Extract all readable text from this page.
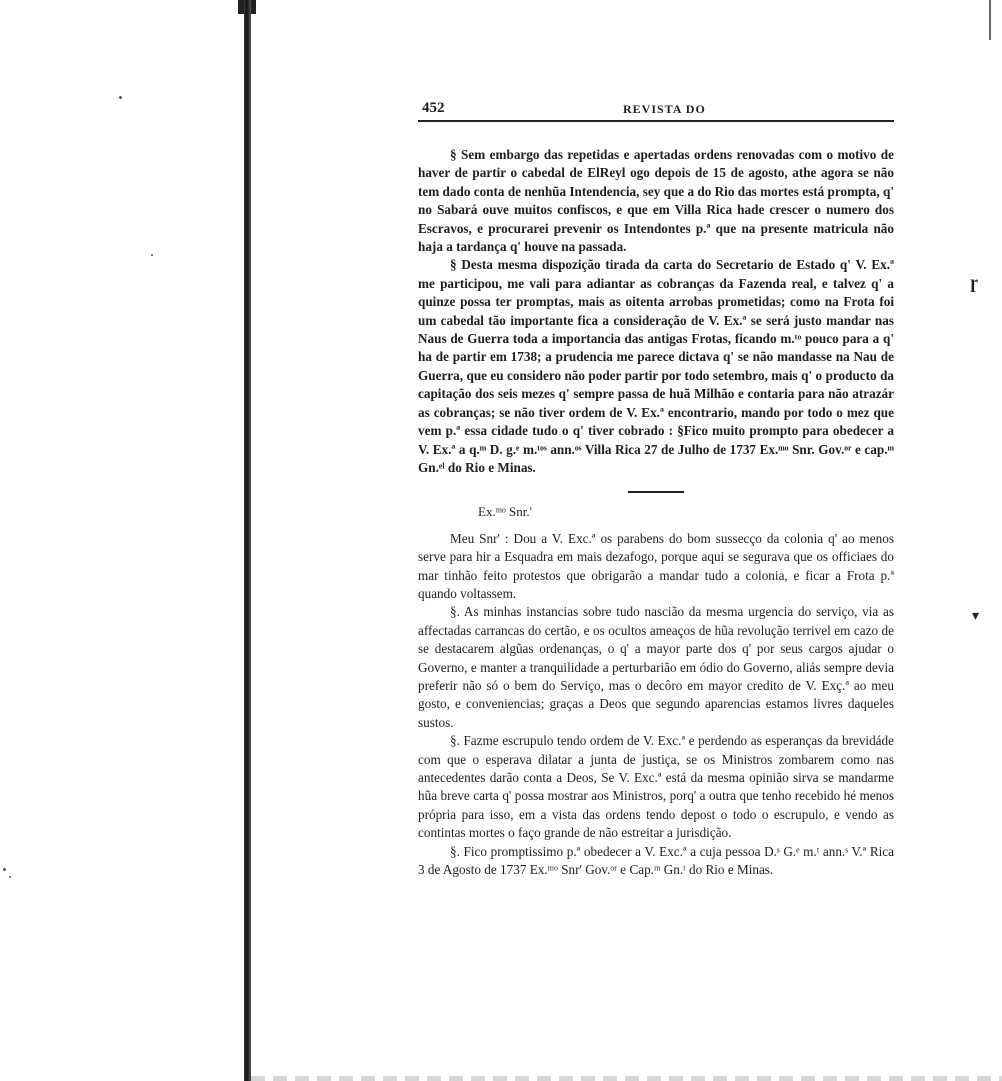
ɼ
▾
452	REVISTA DO

§ Sem embargo das repetidas e apertadas ordens renovadas com o motivo de haver de partir o cabedal de ElReyl ogo depois de 15 de agosto, athe agora se não tem dado conta de nenhũa Intendencia, sey que a do Rio das mortes está prompta, q' no Sabará ouve muitos confiscos, e que em Villa Rica hade crescer o numero dos Escravos, e procurarei prevenir os Intendontes p.ª que na presente matricula não haja a tardança q' houve na passada.

§ Desta mesma dispozição tirada da carta do Secretario de Estado q' V. Ex.ª me participou, me vali para adiantar as cobranças da Fazenda real, e talvez q' a quinze possa ter promptas, mais as oitenta arrobas prometidas; como na Frota foi um cabedal tão importante fica a consideração de V. Ex.ª se será justo mandar nas Naus de Guerra toda a importancia das antigas Frotas, ficando m.ᵗᵒ pouco para a q' ha de partir em 1738; a prudencia me parece dictava q' se não mandasse na Nau de Guerra, que eu considero não poder partir por todo setembro, mais q' o producto da capitação dos seis mezes q' sempre passa de huã Milhão e contaria para não atrazár as cobranças; se não tiver ordem de V. Ex.ª encontrario, mando por todo o mez que vem p.ª essa cidade tudo o q' tiver cobrado : §Fico muito prompto para obedecer a V. Ex.ª a q.ᵐ D. g.ᵉ m.ᵗᵒˢ ann.ᵒˢ Villa Rica 27 de Julho de 1737 Ex.ᵐᵒ Snr. Gov.ᵒʳ e cap.ᵐ Gn.ᵉˡ do Rio e Minas.

Ex.ᵐᵒ Snr.'

Meu Snr' : Dou a V. Exc.ª os parabens do bom sussecço da colonia q' ao menos serve para hir a Esquadra em mais dezafogo, porque aqui se segurava que os officiaes do mar tinhão feito protestos que obrigarão a mandar tudo a colonia, e ficar a Frota p.ª quando voltassem.

§. As minhas instancias sobre tudo nascião da mesma urgencia do serviço, via as affectadas carrancas do certão, e os ocultos ameaços de hũa revolução terrivel em cazo de se destacarem algũas ordenanças, o q' a mayor parte dos q' por seus cargos ajudar o Governo, e manter a tranquilidade a perturbarião em ódio do Governo, aliás sempre devia preferir não só o bem do Serviço, mas o decôro em mayor credito de V. Exç.ª ao meu gosto, e conveniencias; graças a Deos que segundo aparencias estamos livres daqueles sustos.

§. Fazme escrupulo tendo ordem de V. Exc.ª e perdendo as esperanças da brevidáde com que o esperava dilatar a junta de justiça, se os Ministros zombarem como nas antecedentes darão conta a Deos, Se V. Exc.ª está da mesma opinião sirva se mandarme hũa breve carta q' possa mostrar aos Ministros, porq' a outra que tenho recebido hé menos própria para isso, em a vista das ordens tendo depost o todo o escrupulo, e vendo as contintas mortes o faço grande de não estreitar a jurisdição.

§. Fico promptissimo p.ª obedecer a V. Exc.ª a cuja pessoa D.ˢ G.ᵉ m.ᵗ ann.ˢ V.ª Rica 3 de Agosto de 1737 Ex.ᵐᵒ Snr' Gov.ᵒʳ e Cap.ᵐ Gn.ᵗ do Rio e Minas.
